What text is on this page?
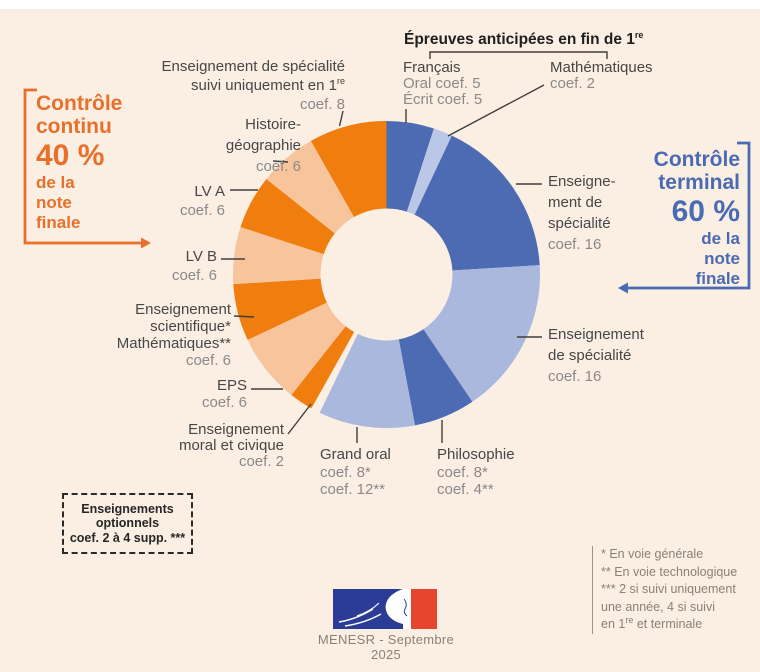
Épreuves anticipées en fin de 1re
Français
Oral coef. 5
Écrit coef. 5
Mathématiques
coef. 2
Contrôle
continu
40 %
de la
note
finale
Contrôle
terminal
60 %
de la
note
finale
Enseignement de spécialité
suivi uniquement en 1re
coef. 8
Histoire-
géographie
coef. 6
LV A
coef. 6
LV B
coef. 6
Enseignement
scientifique*
Mathématiques**
coef. 6
EPS
coef. 6
Enseignement
moral et civique
coef. 2 Grand oral
coef. 8*
coef. 12**
Philosophie
coef. 8*
coef. 4**
Enseigne-
ment de
spécialité
coef. 16
Enseignement
de spécialité
coef. 16
Enseignements
optionnels
coef. 2 à 4 supp. ***
* En voie générale
** En voie technologique
*** 2 si suivi uniquement
une année, 4 si suivi
en 1re et terminale
MENESR - Septembre 2025
